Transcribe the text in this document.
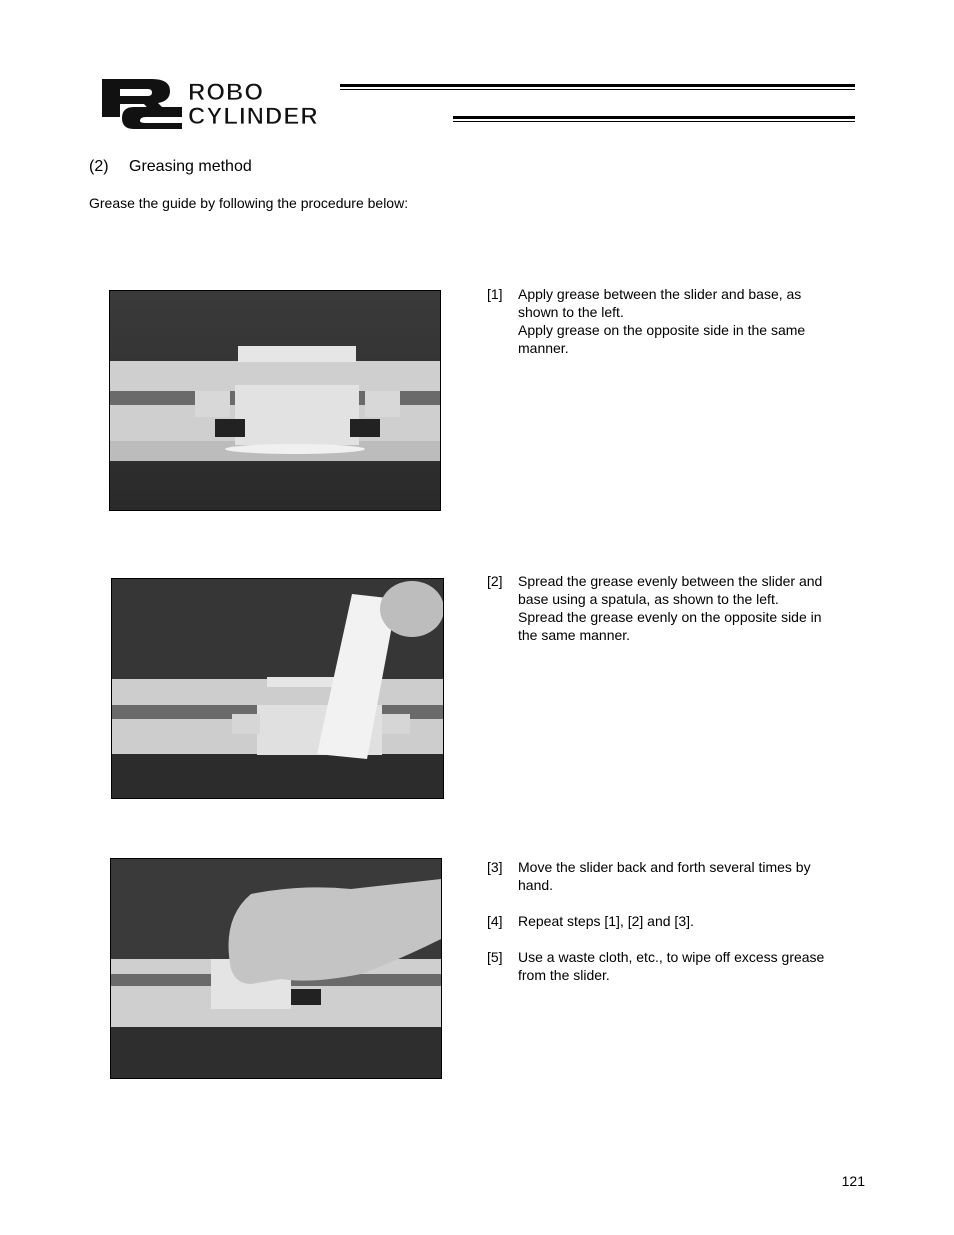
ROBO
CYLINDER
(2) Greasing method
Grease the guide by following the procedure below:
[1] Apply grease between the slider and base, as
shown to the left.
Apply grease on the opposite side in the same
manner.
[2] Spread the grease evenly between the slider and
base using a spatula, as shown to the left.
Spread the grease evenly on the opposite side in
the same manner.
[3] Move the slider back and forth several times by
hand.
[4] Repeat steps [1], [2] and [3].
[5] Use a waste cloth, etc., to wipe off excess grease
from the slider.
121
